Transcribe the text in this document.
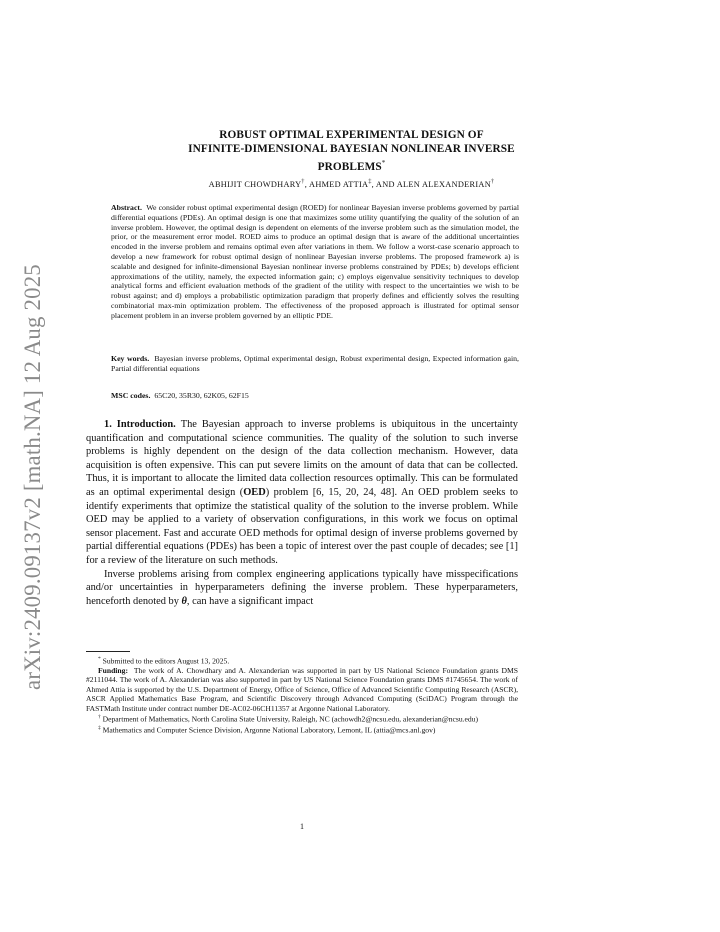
arXiv:2409.09137v2 [math.NA] 12 Aug 2025
ROBUST OPTIMAL EXPERIMENTAL DESIGN OF
INFINITE-DIMENSIONAL BAYESIAN NONLINEAR INVERSE
PROBLEMS*
ABHIJIT CHOWDHARY†, AHMED ATTIA‡, AND ALEN ALEXANDERIAN†
Abstract. We consider robust optimal experimental design (ROED) for nonlinear Bayesian inverse problems governed by partial differential equations (PDEs). An optimal design is one that maximizes some utility quantifying the quality of the solution of an inverse problem. However, the optimal design is dependent on elements of the inverse problem such as the simulation model, the prior, or the measurement error model. ROED aims to produce an optimal design that is aware of the additional uncertainties encoded in the inverse problem and remains optimal even after variations in them. We follow a worst-case scenario approach to develop a new framework for robust optimal design of nonlinear Bayesian inverse problems. The proposed framework a) is scalable and designed for infinite-dimensional Bayesian nonlinear inverse problems constrained by PDEs; b) develops efficient approximations of the utility, namely, the expected information gain; c) employs eigenvalue sensitivity techniques to develop analytical forms and efficient evaluation methods of the gradient of the utility with respect to the uncertainties we wish to be robust against; and d) employs a probabilistic optimization paradigm that properly defines and efficiently solves the resulting combinatorial max-min optimization problem. The effectiveness of the proposed approach is illustrated for optimal sensor placement problem in an inverse problem governed by an elliptic PDE.
Key words. Bayesian inverse problems, Optimal experimental design, Robust experimental design, Expected information gain, Partial differential equations
MSC codes. 65C20, 35R30, 62K05, 62F15

1. Introduction. The Bayesian approach to inverse problems is ubiquitous in the uncertainty quantification and computational science communities. The quality of the solution to such inverse problems is highly dependent on the design of the data collection mechanism. However, data acquisition is often expensive. This can put severe limits on the amount of data that can be collected. Thus, it is important to allocate the limited data collection resources optimally. This can be formulated as an optimal experimental design (OED) problem [6, 15, 20, 24, 48]. An OED problem seeks to identify experiments that optimize the statistical quality of the solution to the inverse problem. While OED may be applied to a variety of observation configurations, in this work we focus on optimal sensor placement. Fast and accurate OED methods for optimal design of inverse problems governed by partial differential equations (PDEs) has been a topic of interest over the past couple of decades; see [1] for a review of the literature on such methods.

Inverse problems arising from complex engineering applications typically have misspecifications and/or uncertainties in hyperparameters defining the inverse problem. These hyperparameters, henceforth denoted by θ, can have a significant impact

* Submitted to the editors August 13, 2025.

Funding: The work of A. Chowdhary and A. Alexanderian was supported in part by US National Science Foundation grants DMS #2111044. The work of A. Alexanderian was also supported in part by US National Science Foundation grants DMS #1745654. The work of Ahmed Attia is supported by the U.S. Department of Energy, Office of Science, Office of Advanced Scientific Computing Research (ASCR), ASCR Applied Mathematics Base Program, and Scientific Discovery through Advanced Computing (SciDAC) Program through the FASTMath Institute under contract number DE-AC02-06CH11357 at Argonne National Laboratory.

† Department of Mathematics, North Carolina State University, Raleigh, NC (achowdh2@ncsu.edu, alexanderian@ncsu.edu)

‡ Mathematics and Computer Science Division, Argonne National Laboratory, Lemont, IL (attia@mcs.anl.gov)

1
